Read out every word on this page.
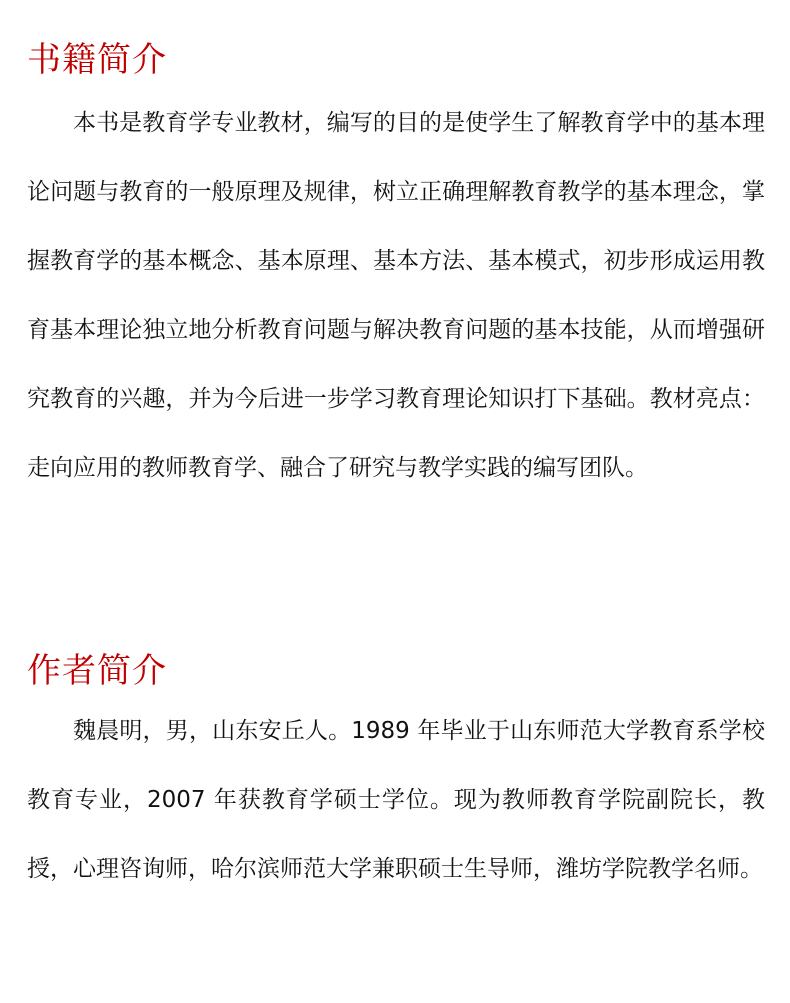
书籍简介

本书是教育学专业教材，编写的目的是使学生了解教育学中的基本理论问题与教育的一般原理及规律，树立正确理解教育教学的基本理念，掌握教育学的基本概念、基本原理、基本方法、基本模式，初步形成运用教育基本理论独立地分析教育问题与解决教育问题的基本技能，从而增强研究教育的兴趣，并为今后进一步学习教育理论知识打下基础。教材亮点：走向应用的教师教育学、融合了研究与教学实践的编写团队。

作者简介

魏晨明，男，山东安丘人。1989 年毕业于山东师范大学教育系学校教育专业，2007 年获教育学硕士学位。现为教师教育学院副院长，教授，心理咨询师，哈尔滨师范大学兼职硕士生导师，潍坊学院教学名师。
